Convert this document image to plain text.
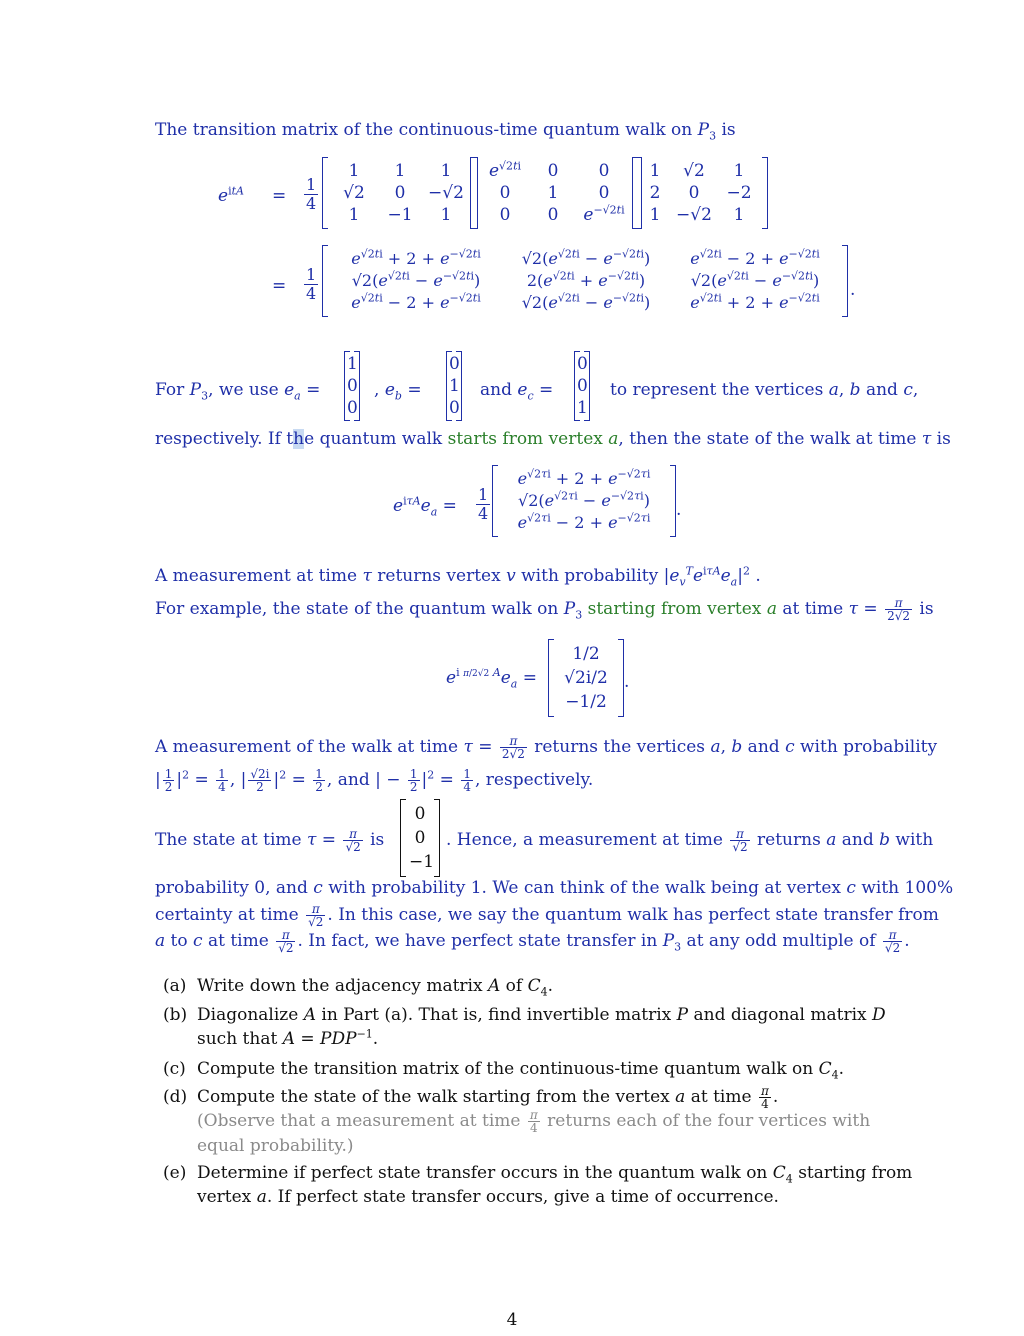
The transition matrix of the continuous-time quantum walk on $P_3$ is
$e^{itA} = \frac{1}{4}$
1	1	1
√2	0	−√2
1	−1	1
$e^{√2ti}$	0	0
0	1	0
0	0	$e^{-√2ti}$
1	√2	1
2	0	−2
1 −√2	1
= $\frac{1}{4}$
$e^{√2ti} + 2 + e^{-√2ti}$	$√2(e^{√2ti} - e^{-√2ti})$	$e^{√2ti} - 2 + e^{-√2ti}$
$√2(e^{√2ti} - e^{-√2ti})$	$2(e^{√2ti} + e^{-√2ti})$	$√2(e^{√2ti} - e^{-√2ti})$
$e^{√2ti} - 2 + e^{-√2ti}$	$√2(e^{√2ti} - e^{-√2ti})$	$e^{√2ti} + 2 + e^{-√2ti}$	.
For $P_3$, we use $e_a$ =
1
0
0
, $e_b$ =
0
1
0
and $e_c$ =
0
0
1
to represent the vertices a, b and c,
respectively. If the quantum walk starts from vertex a, then the state of the walk at time τ is
$e^{i\tau A}e_a = \frac{1}{4}$
$e^{√2\tau i} + 2 + e^{-√2\tau i}$
$√2(e^{√2\tau i} - e^{-√2\tau i})$
$e^{√2\tau i} - 2 + e^{-√2\tau i}$	.
A measurement at time τ returns vertex v with probability $|e_v^Te^{i\tau A}e_a|^2$ .
For example, the state of the quantum walk on $P_3$ starting from vertex a at time $\tau = \frac{\pi}{2√2}$ is
$e^{i \pi/2√2 A}e_a$ =
1/2
√2i/2
−1/2
.
A measurement of the walk at time $\tau = \frac{\pi}{2√2}$ returns the vertices a, b and c with probability
| $\frac{1}{2} |^2 = \frac{1}{4}$ , | $\frac{√2i}{2} |^2 = \frac{1}{2}$ , and | − $\frac{1}{2} |^2 = \frac{1}{4}$ , respectively.
The state at time $\tau = \frac{\pi}{√2}$ is
0
0
−1
. Hence, a measurement at time $\frac{\pi}{√2}$ returns a and b with
probability 0, and c with probability 1. We can think of the walk being at vertex c with 100%
certainty at time $\frac{\pi}{√2}$ . In this case, we say the quantum walk has perfect state transfer from
a to c at time $\frac{\pi}{√2}$ . In fact, we have perfect state transfer in $P_3$ at any odd multiple of $\frac{\pi}{√2}$ .
(a) Write down the adjacency matrix A of $C_4$.
(b) Diagonalize A in Part (a). That is, find invertible matrix P and diagonal matrix D such that $A = PDP^{-1}$.
(c) Compute the transition matrix of the continuous-time quantum walk on $C_4$.
(d) Compute the state of the walk starting from the vertex a at time $\frac{\pi}{4}$ .
(Observe that a measurement at time $\frac{\pi}{4}$ returns each of the four vertices with equal probability.)
(e) Determine if perfect state transfer occurs in the quantum walk on $C_4$ starting from vertex a. If perfect state transfer occurs, give a time of occurrence.
4
